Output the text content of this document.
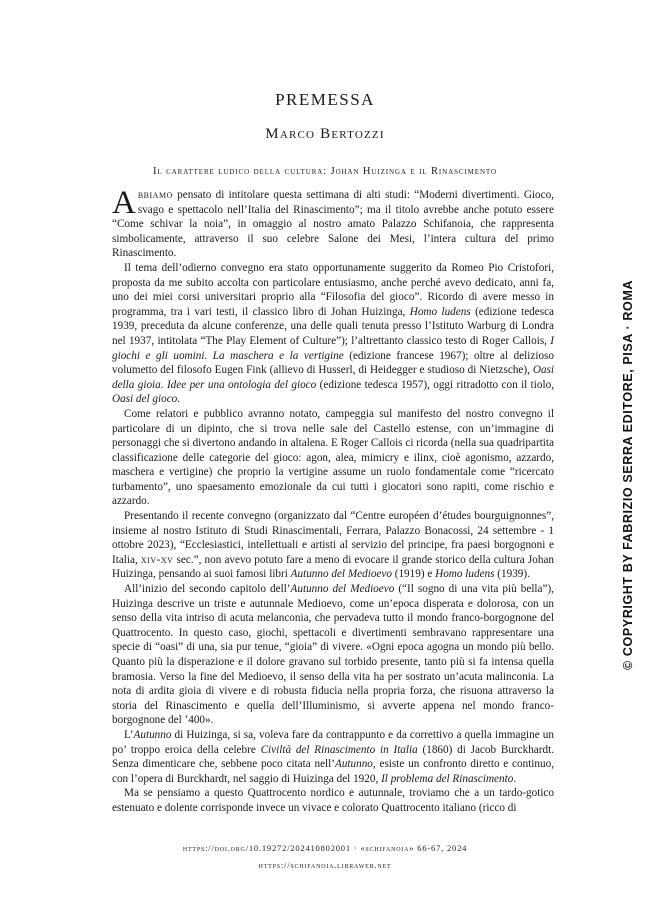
PREMESSA
Marco Bertozzi
Il carattere ludico della cultura: Johan Huizinga e il Rinascimento

Abbiamo pensato di intitolare questa settimana di alti studi: “Moderni divertimenti. Gioco, svago e spettacolo nell’Italia del Rinascimento”; ma il titolo avrebbe anche potuto essere “Come schivar la noia”, in omaggio al nostro amato Palazzo Schifanoia, che rappresenta simbolicamente, attraverso il suo celebre Salone dei Mesi, l’intera cultura del primo Rinascimento.

Il tema dell’odierno convegno era stato opportunamente suggerito da Romeo Pio Cristofori, proposta da me subito accolta con particolare entusiasmo, anche perché avevo dedicato, anni fa, uno dei miei corsi universitari proprio alla “Filosofia del gioco”. Ricordo di avere messo in programma, tra i vari testi, il classico libro di Johan Huizinga, Homo ludens (edizione tedesca 1939, preceduta da alcune conferenze, una delle quali tenuta presso l’Istituto Warburg di Londra nel 1937, intitolata “The Play Element of Culture”); l’altrettanto classico testo di Roger Callois, I giochi e gli uomini. La maschera e la vertigine (edizione francese 1967); oltre al delizioso volumetto del filosofo Eugen Fink (allievo di Husserl, di Heidegger e studioso di Nietzsche), Oasi della gioia. Idee per una ontologia del gioco (edizione tedesca 1957), oggi ritradotto con il tiolo, Oasi del gioco.

Come relatori e pubblico avranno notato, campeggia sul manifesto del nostro convegno il particolare di un dipinto, che si trova nelle sale del Castello estense, con un’immagine di personaggi che si divertono andando in altalena. E Roger Callois ci ricorda (nella sua quadripartita classificazione delle categorie del gioco: agon, alea, mimicry e ilinx, cioè agonismo, azzardo, maschera e vertigine) che proprio la vertigine assume un ruolo fondamentale come “ricercato turbamento”, uno spaesamento emozionale da cui tutti i giocatori sono rapiti, come rischio e azzardo.

Presentando il recente convegno (organizzato dal “Centre européen d’études bourguignonnes”, insieme al nostro Istituto di Studi Rinascimentali, Ferrara, Palazzo Bonacossi, 24 settembre - 1 ottobre 2023), “Ecclesiastici, intellettuali e artisti al servizio del principe, fra paesi borgognoni e Italia, xiv-xv sec.”, non avevo potuto fare a meno di evocare il grande storico della cultura Johan Huizinga, pensando ai suoi famosi libri Autunno del Medioevo (1919) e Homo ludens (1939).

All’inizio del secondo capitolo dell’Autunno del Medioevo (“Il sogno di una vita più bella”), Huizinga descrive un triste e autunnale Medioevo, come un’epoca disperata e dolorosa, con un senso della vita intriso di acuta melanconia, che pervadeva tutto il mondo franco-borgognone del Quattrocento. In questo caso, giochi, spettacoli e divertimenti sembravano rappresentare una specie di “oasi” di una, sia pur tenue, “gioia” di vivere. «Ogni epoca agogna un mondo più bello. Quanto più la disperazione e il dolore gravano sul torbido presente, tanto più si fa intensa quella bramosia. Verso la fine del Medioevo, il senso della vita ha per sostrato un’acuta malinconia. La nota di ardita gioia di vivere e di robusta fiducia nella propria forza, che risuona attraverso la storia del Rinascimento e quella dell’Illuminismo, si avverte appena nel mondo franco-borgognone del ’400».

L’Autunno di Huizinga, si sa, voleva fare da contrappunto e da correttivo a quella immagine un po’ troppo eroica della celebre Civiltà del Rinascimento in Italia (1860) di Jacob Burckhardt. Senza dimenticare che, sebbene poco citata nell’Autunno, esiste un confronto diretto e continuo, con l’opera di Burckhardt, nel saggio di Huizinga del 1920, Il problema del Rinascimento.

Ma se pensiamo a questo Quattrocento nordico e autunnale, troviamo che a un tardo-gotico estenuato e dolente corrisponde invece un vivace e colorato Quattrocento italiano (ricco di

https://doi.org/10.19272/202410802001 · «schifanoia» 66-67, 2024
https://schifanoia.libraweb.net
© COPYRIGHT BY FABRIZIO SERRA EDITORE, PISA · ROMA
